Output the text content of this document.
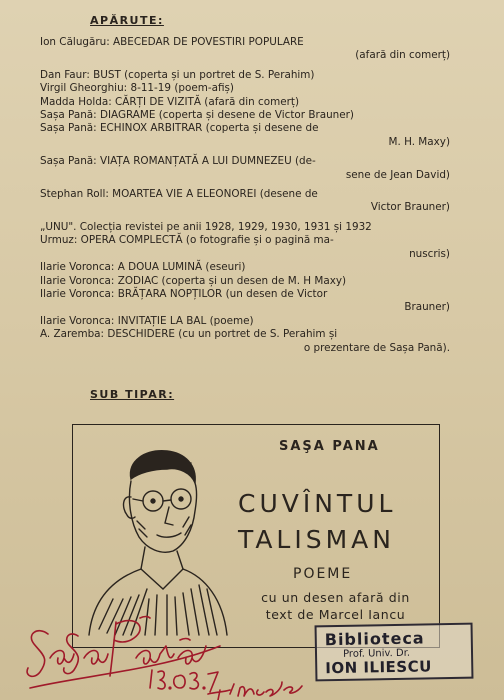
APĂRUTE:

Ion Călugăru: ABECEDAR DE POVESTIRI POPULARE
(afară din comerț)

Dan Faur: BUST (coperta și un portret de S. Perahim)

Virgil Gheorghiu: 8-11-19 (poem-afiș)

Madda Holda: CĂRȚI DE VIZITĂ (afară din comerț)

Sașa Pană: DIAGRAME (coperta și desene de Victor Brauner)

Sașa Pană: ECHINOX ARBITRAR (coperta și desene de
M. H. Maxy)

Sașa Pană: VIAȚA ROMANȚATĂ A LUI DUMNEZEU (de-
sene de Jean David)

Stephan Roll: MOARTEA VIE A ELEONOREI (desene de
Victor Brauner)

„UNU". Colecția revistei pe anii 1928, 1929, 1930, 1931 și 1932

Urmuz: OPERA COMPLECTĂ (o fotografie și o pagină ma-
nuscris)

Ilarie Voronca: A DOUA LUMINĂ (eseuri)

Ilarie Voronca: ZODIAC (coperta și un desen de M. H Maxy)

Ilarie Voronca: BRĂȚARA NOPȚILOR (un desen de Victor
Brauner)

Ilarie Voronca: INVITAȚIE LA BAL (poeme)

A. Zaremba: DESCHIDERE (cu un portret de S. Perahim și
o prezentare de Sașa Pană).

SUB TIPAR:
SAŞA PANA
CUVÎNTUL
TALISMAN
POEME
cu un desen afară din
text de Marcel Iancu
Biblioteca
Prof. Univ. Dr.
ION ILIESCU
